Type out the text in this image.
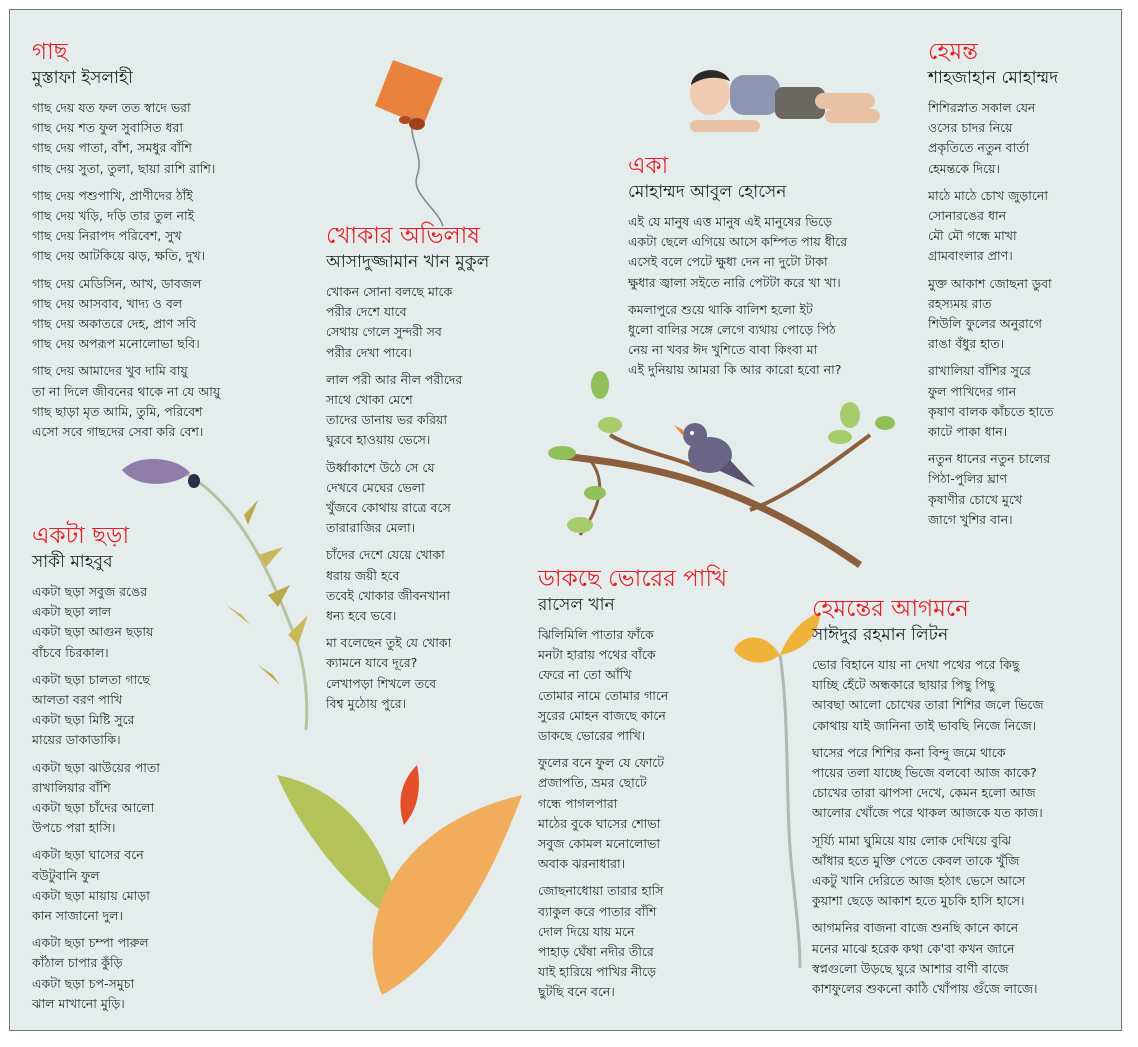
গাছ
মুস্তাফা ইসলাহী
গাছ দেয় যত ফল তত স্বাদে ভরা
গাছ দেয় শত ফুল সুবাসিত ধরা
গাছ দেয় পাতা, বাঁশ, সমধুর বাঁশি
গাছ দেয় সুতা, তুলা, ছায়া রাশি রাশি।
গাছ দেয় পশুপাখি, প্রাণীদের ঠাঁই
গাছ দেয় খড়ি, দড়ি তার তুল নাই
গাছ দেয় নিরাপদ পরিবেশ, সুখ
গাছ দেয় আটকিয়ে ঝড়, ক্ষতি, দুখ।
গাছ দেয় মেডিসিন, আখ, ডাবজল
গাছ দেয় আসবাব, খাদ্য ও বল
গাছ দেয় অকাতরে দেহ, প্রাণ সবি
গাছ দেয় অপরূপ মনোলোভা ছবি।
গাছ দেয় আমাদের খুব দামি বায়ু
তা না দিলে জীবনের থাকে না যে আয়ু
গাছ ছাড়া মৃত আমি, তুমি, পরিবেশ
এসো সবে গাছদের সেবা করি বেশ।
একটা ছড়া
সাকী মাহবুব
একটা ছড়া সবুজ রঙের
একটা ছড়া লাল
একটা ছড়া আগুন ছড়ায়
বাঁচবে চিরকাল।
একটা ছড়া চালতা গাছে
আলতা বরণ পাখি
একটা ছড়া মিষ্টি সুরে
মায়ের ডাকাডাকি।
একটা ছড়া ঝাউয়ের পাতা
রাখালিয়ার বাঁশি
একটা ছড়া চাঁদের আলো
উপচে পরা হাসি।
একটা ছড়া ঘাসের বনে
বউটুবানি ফুল
একটা ছড়া মায়ায় মোড়া
কান সাজানো দুল।
একটা ছড়া চম্পা পারুল
কাঁঠাল চাপার কুঁড়ি
একটা ছড়া চপ-সমুচা
ঝাল মাখানো মুড়ি।
খোকার অভিলাষ
আসাদুজ্জামান খান মুকুল
খোকন সোনা বলছে মাকে
পরীর দেশে যাবে
সেথায় গেলে সুন্দরী সব
পরীর দেখা পাবে।
লাল পরী আর নীল পরীদের
সাথে খোকা মেশে
তাদের ডানায় ভর করিয়া
ঘুরবে হাওয়ায় ভেসে।
উর্ধ্বাকাশে উঠে সে যে
দেখবে মেঘের ভেলা
খুঁজবে কোথায় রাত্রে বসে
তারারাজির মেলা।
চাঁদের দেশে যেয়ে খোকা
ধরায় জয়ী হবে
তবেই খোকার জীবনখানা
ধন্য হবে ভবে।
মা বলেছেন তুই যে খোকা
ক্যামনে যাবে দূরে?
লেখাপড়া শিখলে তবে
বিশ্ব মুঠোয় পুরে।
একা
মোহাম্মদ আবুল হোসেন
এই যে মানুষ এত্ত মানুষ এই মানুষের ভিড়ে
একটা ছেলে এগিয়ে আসে কম্পিত পায় ধীরে
এসেই বলে পেটে ক্ষুধা দেন না দুটো টাকা
ক্ষুধার জ্বালা সইতে নারি পেটটা করে খা খা।
কমলাপুরে শুয়ে থাকি বালিশ হলো ইট
ধুলো বালির সঙ্গে লেগে ব্যথায় পোড়ে পিঠ
নেয় না খবর ঈদ খুশিতে বাবা কিংবা মা
এই দুনিয়ায় আমরা কি আর কারো হবো না?
ডাকছে ভোরের পাখি
রাসেল খান
ঝিলিমিলি পাতার ফাঁকে
মনটা হারায় পথের বাঁকে
ফেরে না তো আঁখি
তোমার নামে তোমার গানে
সুরের মোহন বাজছে কানে
ডাকছে ভোরের পাখি।
ফুলের বনে ফুল যে ফোটে
প্রজাপতি, ভ্রমর ছোটে
গন্ধে পাগলপারা
মাঠের বুকে ঘাসের শোভা
সবুজ কোমল মনোলোভা
অবাক ঝরনাধারা।
জোছনাধোয়া তারার হাসি
ব্যাকুল করে পাতার বাঁশি
দোল দিয়ে যায় মনে
পাহাড় ঘেঁষা নদীর তীরে
যাই হারিয়ে পাখির নীড়ে
ছুটছি বনে বনে।
হেমন্ত
শাহজাহান মোহাম্মদ
শিশিরস্নাত সকাল যেন
ওসের চাদর নিয়ে
প্রকৃতিতে নতুন বার্তা
হেমন্তকে দিয়ে।
মাঠে মাঠে চোখ জুড়ানো
সোনারঙের ধান
মৌ মৌ গন্ধে মাখা
গ্রামবাংলার প্রাণ।
মুক্ত আকাশ জোছনা ডুবা
রহস্যময় রাত
শিউলি ফুলের অনুরাগে
রাঙা বঁধুর হাত।
রাখালিয়া বাঁশির সুরে
ফুল পাখিদের গান
কৃষাণ বালক কাঁচতে হাতে
কাটে পাকা ধান।
নতুন ধানের নতুন চালের
পিঠা-পুলির ঘ্রাণ
কৃষাণীর চোখে মুখে
জাগে খুশির বান।
হেমন্তের আগমনে
সাঈদুর রহমান লিটন
ভোর বিহানে যায় না দেখা পথের পরে কিছু
যাচ্ছি হেঁটে অন্ধকারে ছায়ার পিছু পিছু
আবছা আলো চোখের তারা শিশির জলে ভিজে
কোথায় যাই জানিনা তাই ভাবছি নিজে নিজে।
ঘাসের পরে শিশির কনা বিন্দু জমে থাকে
পায়ের তলা যাচ্ছে ভিজে বলবো আজ কাকে?
চোখের তারা ঝাপসা দেখে, কেমন হলো আজ
আলোর খোঁজে পরে থাকল আজকে যত কাজ।
সূর্য্যি মামা ঘুমিয়ে যায় লোক দেখিয়ে বুঝি
আঁধার হতে মুক্তি পেতে কেবল তাকে খুঁজি
একটু খানি দেরিতে আজ হঠাৎ ভেসে আসে
কুয়াশা ছেড়ে আকাশ হতে মুচকি হাসি হাসে।
আগমনির বাজনা বাজে শুনছি কানে কানে
মনের মাঝে হরেক কথা কে'বা কখন জানে
স্বপ্নগুলো উড়ছে ঘুরে আশার বাণী বাজে
কাশফুলের শুকনো কাঠি খোঁপায় গুঁজে লাজে।
